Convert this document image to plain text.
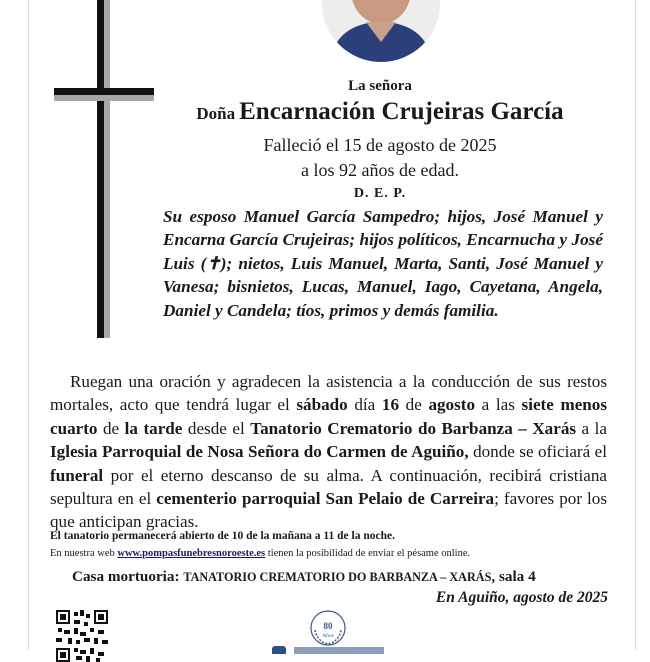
La señora
Doña Encarnación Crujeiras García
Falleció el 15 de agosto de 2025
a los 92 años de edad.
D. E. P.
Su esposo Manuel García Sampedro; hijos, José Manuel y Encarna García Crujeiras; hijos políticos, Encarnucha y José Luis (✝); nietos, Luis Manuel, Marta, Santi, José Manuel y Vanesa; bisnietos, Lucas, Manuel, Iago, Cayetana, Angela, Daniel y Candela; tíos, primos y demás familia.
Ruegan una oración y agradecen la asistencia a la conducción de sus restos mortales, acto que tendrá lugar el sábado día 16 de agosto a las siete menos cuarto de la tarde desde el Tanatorio Crematorio do Barbanza – Xarás a la Iglesia Parroquial de Nosa Señora do Carmen de Aguiño, donde se oficiará el funeral por el eterno descanso de su alma. A continuación, recibirá cristiana sepultura en el cementerio parroquial San Pelaio de Carreira; favores por los que anticipan gracias.
El tanatorio permanecerá abierto de 10 de la mañana a 11 de la noche.
En nuestra web www.pompasfunebresnoroeste.es tienen la posibilidad de enviar el pésame online.
Casa mortuoria: TANATORIO CREMATORIO DO BARBANZA – XARÁS, sala 4
En Aguiño, agosto de 2025
80
Años
